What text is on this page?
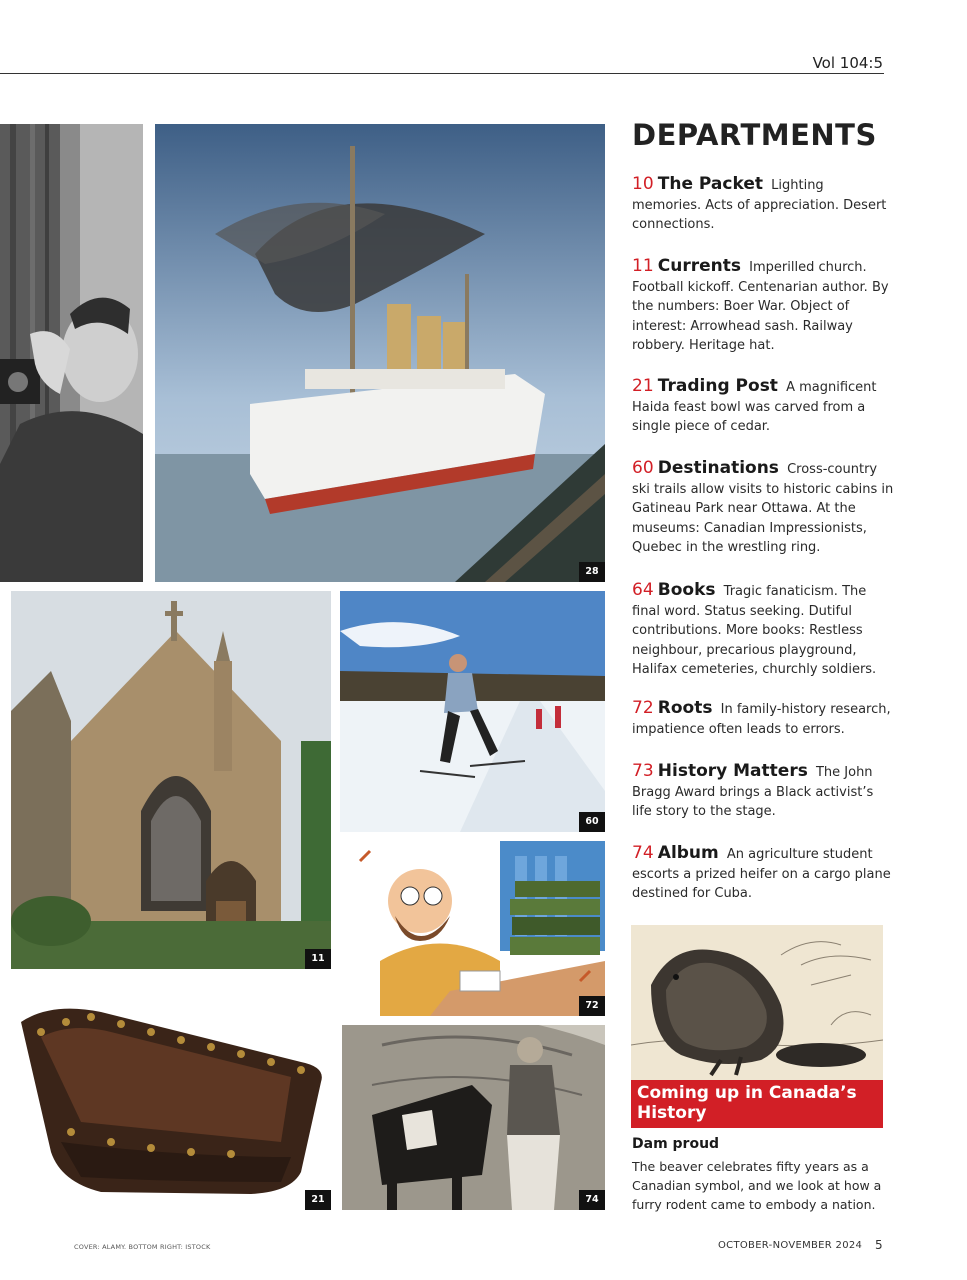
Vol 104:5
28
11
60
72
21	74
DEPARTMENTS
10 The Packet Lighting memories. Acts of appreciation. Desert connections.
11 Currents Imperilled church. Football kickoff. Centenarian author. By the numbers: Boer War. Object of interest: Arrowhead sash. Railway robbery. Heritage hat.
21 Trading Post A magnificent Haida feast bowl was carved from a single piece of cedar.
60 Destinations Cross-country ski trails allow visits to historic cabins in Gatineau Park near Ottawa. At the museums: Canadian Impressionists, Quebec in the wrestling ring.
64 Books Tragic fanaticism. The final word. Status seeking. Dutiful contributions. More books: Restless neighbour, precarious playground, Halifax cemeteries, churchly soldiers.
72 Roots In family-history research, impatience often leads to errors.
73 History Matters The John Bragg Award brings a Black activist’s life story to the stage.
74 Album An agriculture student escorts a prized heifer on a cargo plane destined for Cuba.
Coming up in Canada’s History
Dam proud
The beaver celebrates fifty years as a Canadian symbol, and we look at how a furry rodent came to embody a nation.
COVER: ALAMY. BOTTOM RIGHT: ISTOCK	OCTOBER-NOVEMBER 2024 5
